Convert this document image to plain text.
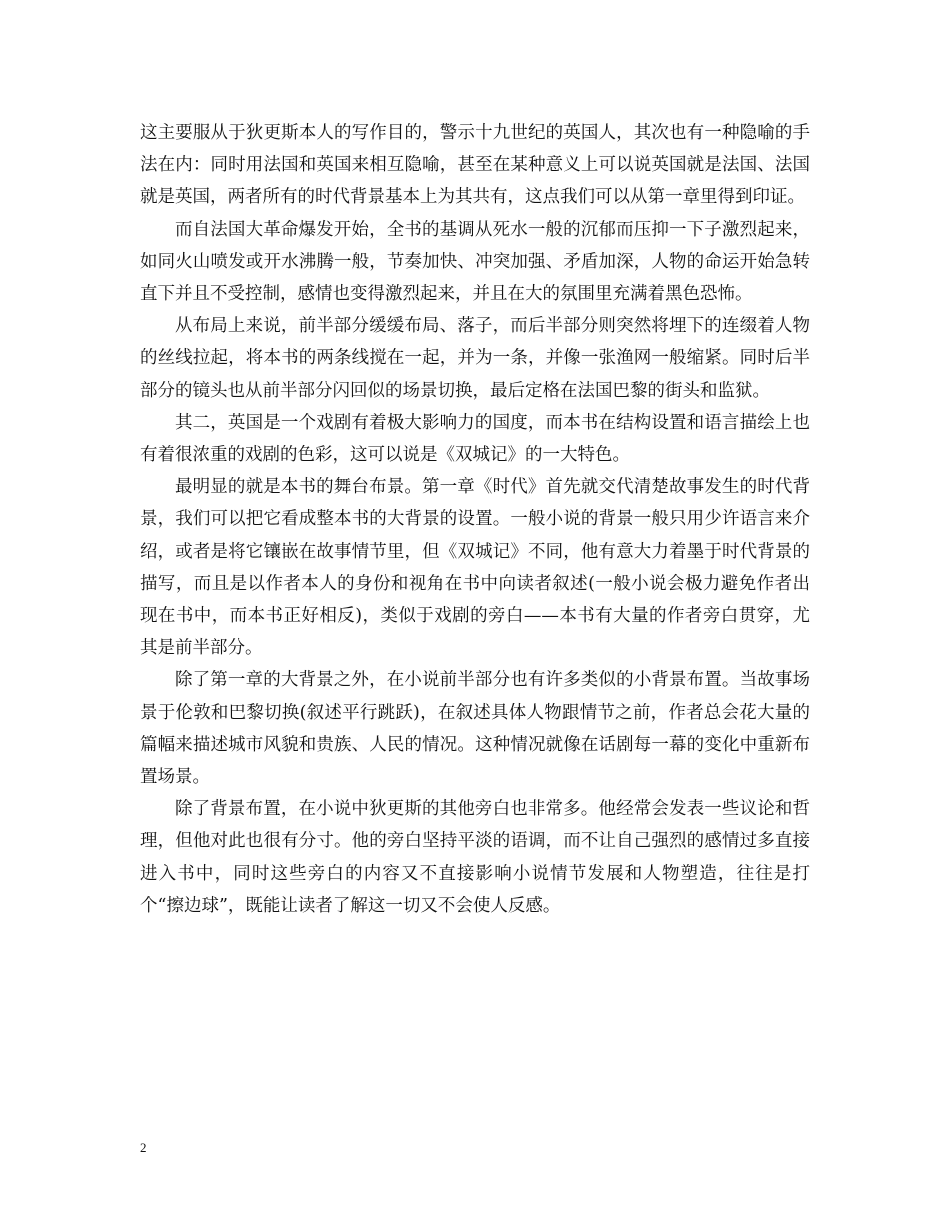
这主要服从于狄更斯本人的写作目的，警示十九世纪的英国人，其次也有一种隐喻的手法在内：同时用法国和英国来相互隐喻，甚至在某种意义上可以说英国就是法国、法国就是英国，两者所有的时代背景基本上为其共有，这点我们可以从第一章里得到印证。

而自法国大革命爆发开始，全书的基调从死水一般的沉郁而压抑一下子激烈起来，如同火山喷发或开水沸腾一般，节奏加快、冲突加强、矛盾加深，人物的命运开始急转直下并且不受控制，感情也变得激烈起来，并且在大的氛围里充满着黑色恐怖。

从布局上来说，前半部分缓缓布局、落子，而后半部分则突然将埋下的连缀着人物的丝线拉起，将本书的两条线搅在一起，并为一条，并像一张渔网一般缩紧。同时后半部分的镜头也从前半部分闪回似的场景切换，最后定格在法国巴黎的街头和监狱。

其二，英国是一个戏剧有着极大影响力的国度，而本书在结构设置和语言描绘上也有着很浓重的戏剧的色彩，这可以说是《双城记》的一大特色。

最明显的就是本书的舞台布景。第一章《时代》首先就交代清楚故事发生的时代背景，我们可以把它看成整本书的大背景的设置。一般小说的背景一般只用少许语言来介绍，或者是将它镶嵌在故事情节里，但《双城记》不同，他有意大力着墨于时代背景的描写，而且是以作者本人的身份和视角在书中向读者叙述(一般小说会极力避免作者出现在书中，而本书正好相反)，类似于戏剧的旁白——本书有大量的作者旁白贯穿，尤其是前半部分。

除了第一章的大背景之外，在小说前半部分也有许多类似的小背景布置。当故事场景于伦敦和巴黎切换(叙述平行跳跃)，在叙述具体人物跟情节之前，作者总会花大量的篇幅来描述城市风貌和贵族、人民的情况。这种情况就像在话剧每一幕的变化中重新布置场景。

除了背景布置，在小说中狄更斯的其他旁白也非常多。他经常会发表一些议论和哲理，但他对此也很有分寸。他的旁白坚持平淡的语调，而不让自己强烈的感情过多直接进入书中，同时这些旁白的内容又不直接影响小说情节发展和人物塑造，往往是打个“擦边球”，既能让读者了解这一切又不会使人反感。

2
